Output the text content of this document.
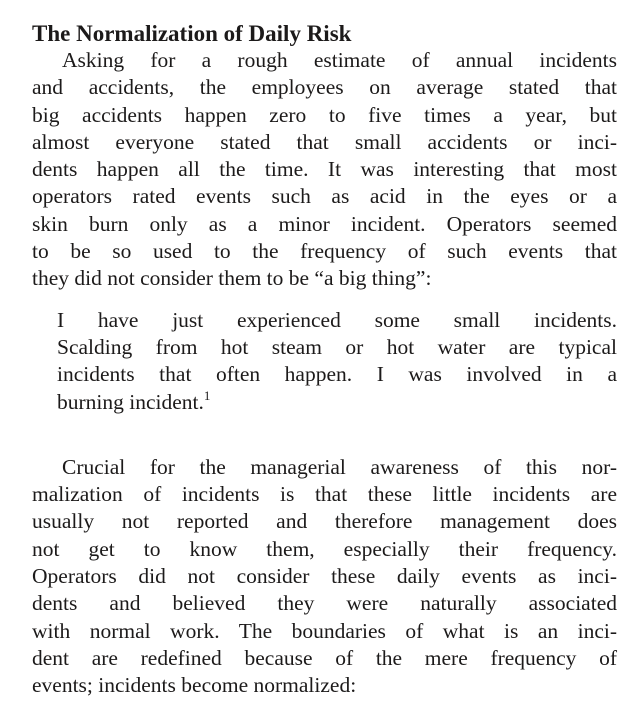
The Normalization of Daily Risk
Asking for a rough estimate of annual incidents
and accidents, the employees on average stated that
big accidents happen zero to five times a year, but
almost everyone stated that small accidents or inci-
dents happen all the time. It was interesting that most
operators rated events such as acid in the eyes or a
skin burn only as a minor incident. Operators seemed
to be so used to the frequency of such events that
they did not consider them to be “a big thing”:
I have just experienced some small incidents.
Scalding from hot steam or hot water are typical
incidents that often happen. I was involved in a
burning incident.$^1$
Crucial for the managerial awareness of this nor-
malization of incidents is that these little incidents are
usually not reported and therefore management does
not get to know them, especially their frequency.
Operators did not consider these daily events as inci-
dents and believed they were naturally associated
with normal work. The boundaries of what is an inci-
dent are redefined because of the mere frequency of
events; incidents become normalized:
